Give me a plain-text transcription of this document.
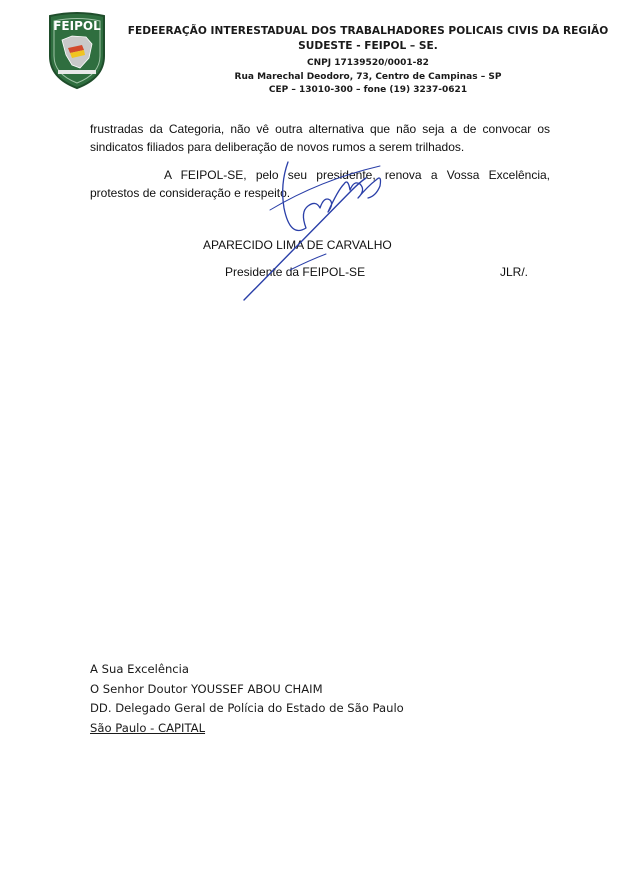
FEIPOL	FEDEERAÇÃO INTERESTADUAL DOS TRABALHADORES POLICAIS CIVIS DA REGIÃO

SUDESTE - FEIPOL – SE.

CNPJ 17139520/0001-82

Rua Marechal Deodoro, 73, Centro de Campinas – SP

CEP – 13010-300 – fone (19) 3237-0621

frustradas da Categoria, não vê outra alternativa que não seja a de convocar os sindicatos filiados para deliberação de novos rumos a serem trilhados.

A FEIPOL-SE, pelo seu presidente, renova a Vossa Excelência, protestos de consideração e respeito.

APARECIDO LIMA DE CARVALHO

Presidente da FEIPOL-SE	JLR/.

A Sua Excelência
O Senhor Doutor YOUSSEF ABOU CHAIM
DD. Delegado Geral de Polícia do Estado de São Paulo
São Paulo - CAPITAL
